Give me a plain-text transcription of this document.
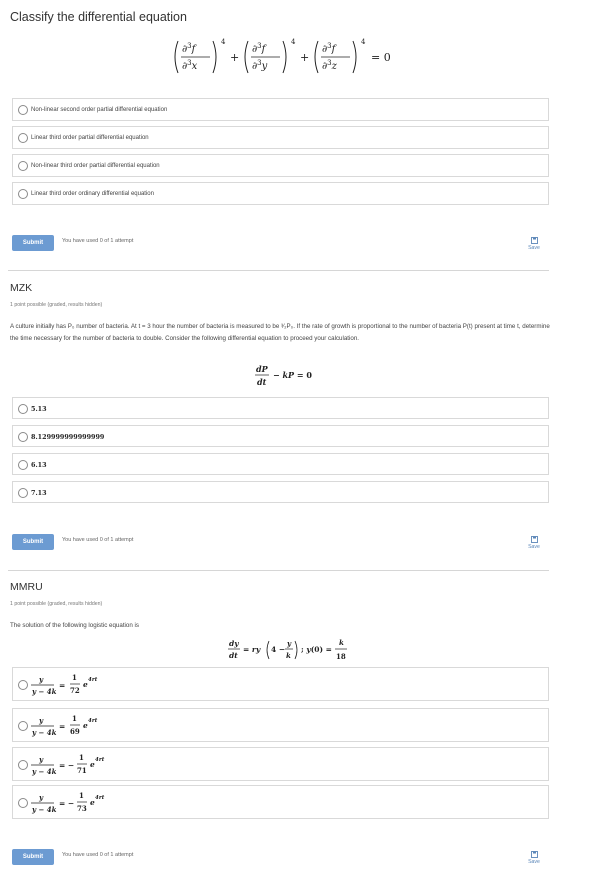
Classify the differential equation
∂$^3$f
∂$^3$x
4
+
∂$^3$f
∂$^3$y
4
+
∂$^3$f
∂$^3$z
4
= 0
Non-linear second order partial differential equation
Linear third order partial differential equation
Non-linear third order partial differential equation
Linear third order ordinary differential equation
Submit	You have used 0 of 1 attempt
Save
MZK
1 point possible (graded, results hidden)
A culture initially has P₀ number of bacteria. At t = 3 hour the number of bacteria is measured to be ³⁄₂P₀. If the rate of growth is proportional to the number of bacteria P(t) present at time t, determine the time necessary for the number of bacteria to double. Consider the following differential equation to proceed your calculation.
dP
dt
− kP = 0
5.13
8.129999999999999
6.13
7.13
Submit	You have used 0 of 1 attempt
Save
MMRU
1 point possible (graded, results hidden)
The solution of the following logistic equation is
dy
dt
= ry 4 −
y
k
; y(0) =
k
18
y
y − 4k
=
1
72
e 4rt
y
y − 4k
=
1
69
e 4rt
y
y − 4k
= −
1
71
e 4rt
y
y − 4k
= −
1
73
e 4rt
Submit	You have used 0 of 1 attempt
Save
